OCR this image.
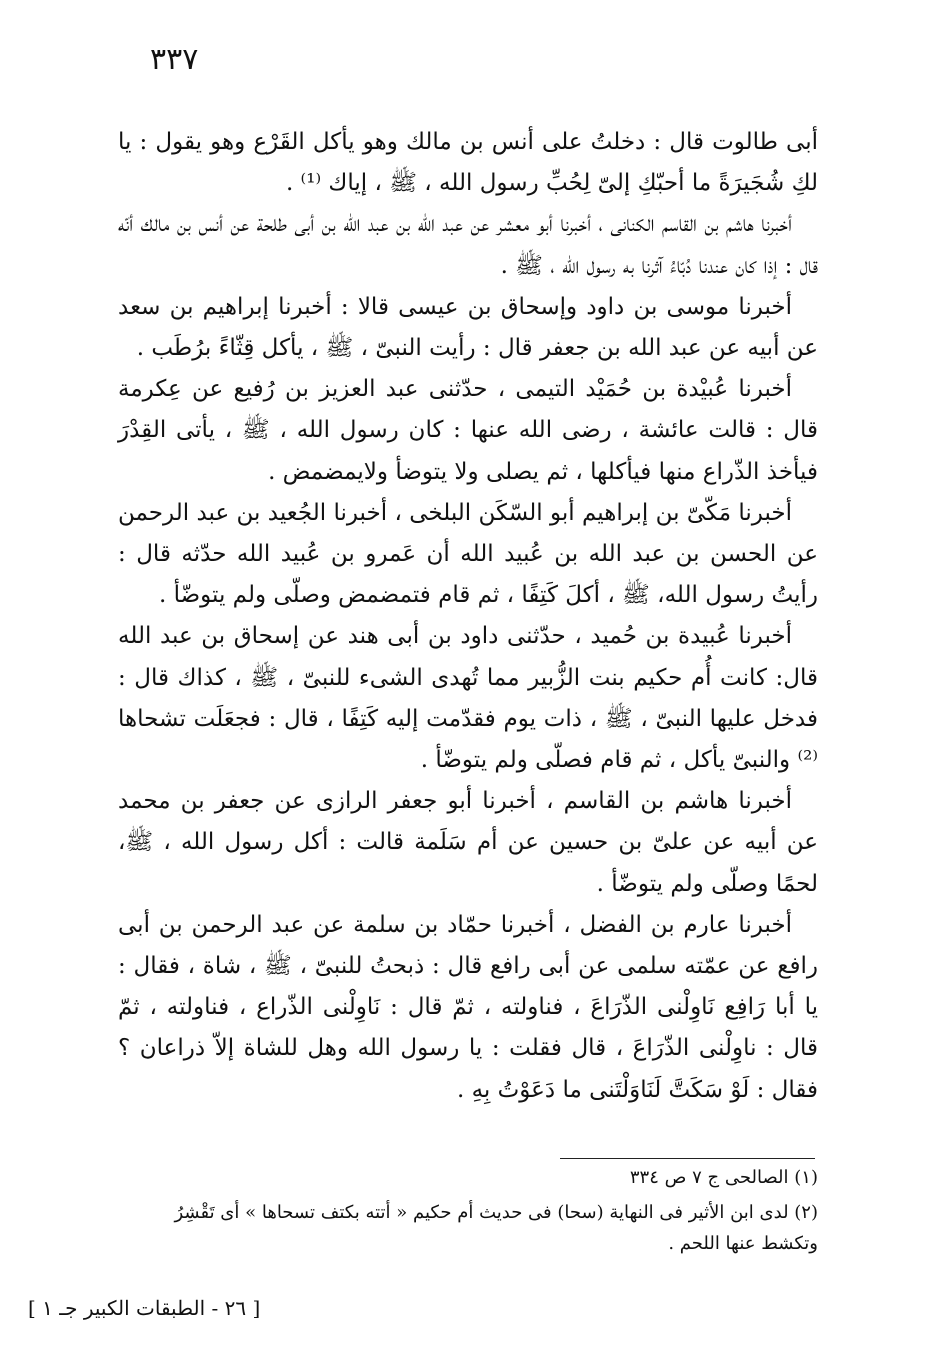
٣٣٧

أبى طالوت قال : دخلتُ على أنس بن مالك وهو يأكل القَرْع وهو يقول : يا لكِ شُجَيرَةً ما أحبّكِ إلىّ لِحُبِّ رسول الله ، ﷺ ، إياك ⁽¹⁾ .

أخبرنا هاشم بن القاسم الكنانى ، أخبرنا أبو معشر عن عبد الله بن عبد الله بن أبى طلحة عن أنس بن مالك أنّه قال : إذا كان عندنا دُبّاءُ آثرنا به رسول الله ، ﷺ .

أخبرنا موسى بن داود وإسحاق بن عيسى قالا : أخبرنا إبراهيم بن سعد عن أبيه عن عبد الله بن جعفر قال : رأيت النبىّ ، ﷺ ، يأكل قِثّاءً برُطَب .

أخبرنا عُبيْدة بن حُمَيْد التيمى ، حدّثنى عبد العزيز بن رُفيع عن عِكرمة قال : قالت عائشة ، رضى الله عنها : كان رسول الله ، ﷺ ، يأتى القِدْرَ فيأخذ الذّراع منها فيأكلها ، ثم يصلى ولا يتوضأ ولايمضمض .

أخبرنا مَكّىّ بن إبراهيم أبو السّكَن البلخى ، أخبرنا الجُعيد بن عبد الرحمن عن الحسن بن عبد الله بن عُبيد الله أن عَمرو بن عُبيد الله حدّثه قال : رأيتُ رسول الله، ﷺ ، أكلَ كَتِفًا ، ثم قام فتمضمض وصلّى ولم يتوضّأ .

أخبرنا عُبيدة بن حُميد ، حدّثنى داود بن أبى هند عن إسحاق بن عبد الله قال: كانت أُم حكيم بنت الزُّبير مما تُهدى الشىء للنبىّ ، ﷺ ، كذاك قال : فدخل عليها النبىّ ، ﷺ ، ذات يوم فقدّمت إليه كَتِفًا ، قال : فجعَلَت تشحاها ⁽²⁾ والنبىّ يأكل ، ثم قام فصلّى ولم يتوضّأ .

أخبرنا هاشم بن القاسم ، أخبرنا أبو جعفر الرازى عن جعفر بن محمد عن أبيه عن علىّ بن حسين عن أم سَلَمة قالت : أكل رسول الله ، ﷺ، لحمًا وصلّى ولم يتوضّأ .

أخبرنا عارم بن الفضل ، أخبرنا حمّاد بن سلمة عن عبد الرحمن بن أبى رافع عن عمّته سلمى عن أبى رافع قال : ذبحتُ للنبىّ ، ﷺ ، شاة ، فقال : يا أبا رَافِع نَاوِلْنى الذّرَاعَ ، فناولته ، ثمّ قال : نَاوِلْنى الذّراع ، فناولته ، ثمّ قال : ناوِلْنى الذّرَاعَ ، قال فقلت : يا رسول الله وهل للشاة إلاّ ذراعان ؟ فقال : لَوْ سَكَتَّ لَنَاوَلْتَنى ما دَعَوْتُ بِهِ .

(١) الصالحى ج ٧ ص ٣٣٤

(٢) لدى ابن الأثير فى النهاية (سحا) فى حديث أم حكيم « أتته بكتف تسحاها » أى تَقْشِرُ وتكشط عنها اللحم .

[ ٢٦ - الطبقات الكبير جـ ١ ]
